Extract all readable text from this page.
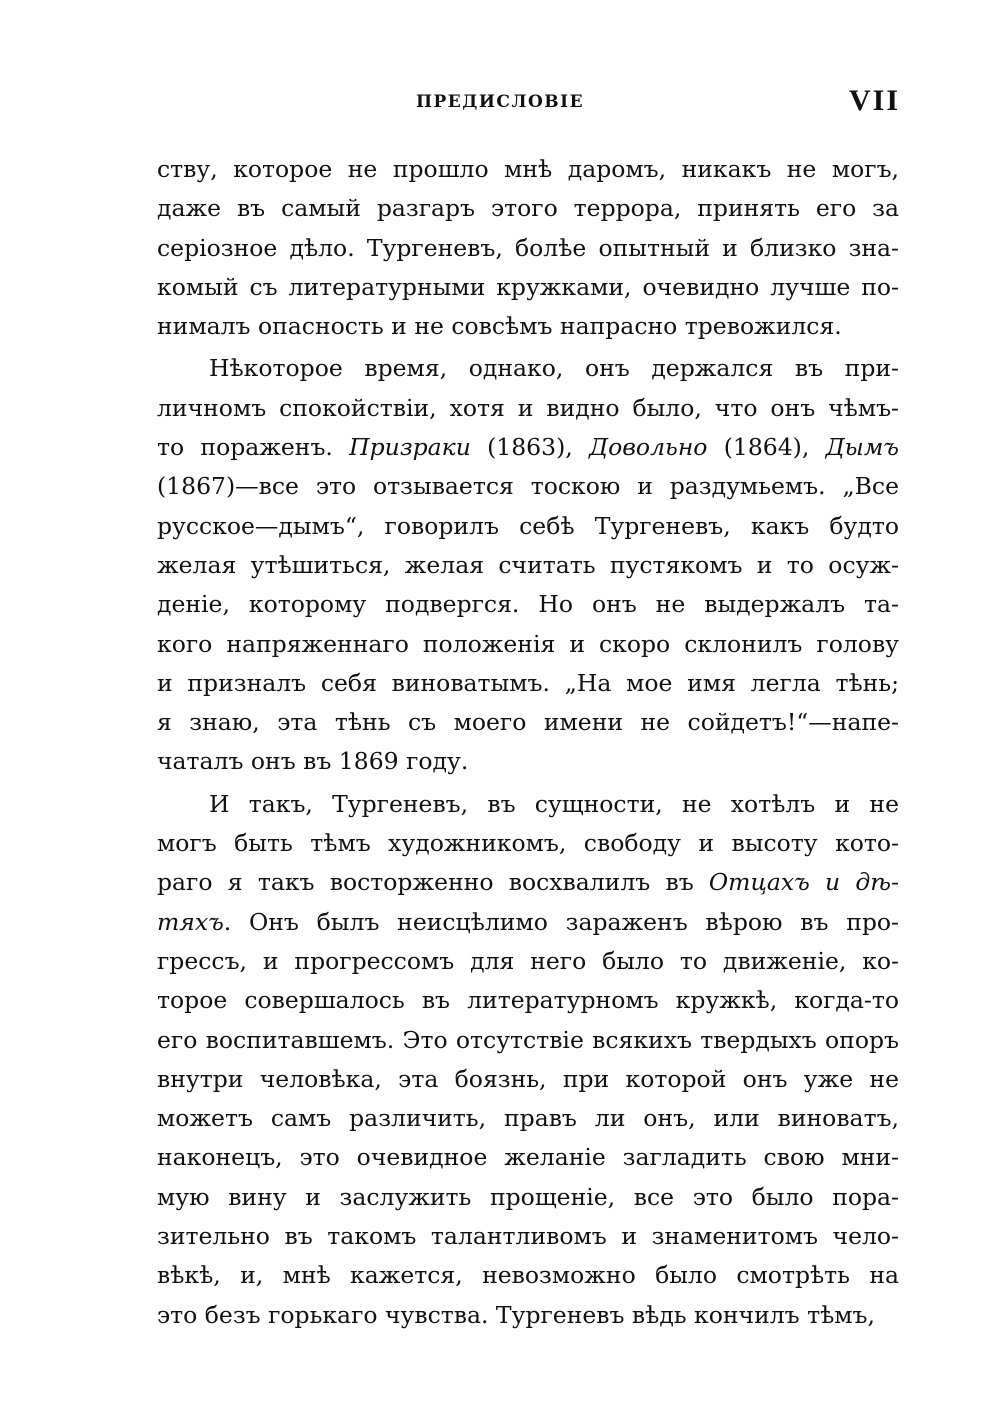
ПРЕДИСЛОВІЕ	VII
ству, которое не прошло мнѣ даромъ, никакъ не могъ,
даже въ самый разгаръ этого террора, принять его за
серіозное дѣло. Тургеневъ, болѣе опытный и близко зна-
комый съ литературными кружками, очевидно лучше по-
нималъ опасность и не совсѣмъ напрасно тревожился.
Нѣкоторое время, однако, онъ держался въ при-
личномъ спокойствіи, хотя и видно было, что онъ чѣмъ-
то пораженъ. Призраки (1863), Довольно (1864), Дымъ
(1867)—все это отзывается тоскою и раздумьемъ. „Все
русское—дымъ“, говорилъ себѣ Тургеневъ, какъ будто
желая утѣшиться, желая считать пустякомъ и то осуж-
деніе, которому подвергся. Но онъ не выдержалъ та-
кого напряженнаго положенія и скоро склонилъ голову
и призналъ себя виноватымъ. „На мое имя легла тѣнь;
я знаю, эта тѣнь съ моего имени не сойдетъ!“—напе-
чаталъ онъ въ 1869 году.
И такъ, Тургеневъ, въ сущности, не хотѣлъ и не
могъ быть тѣмъ художникомъ, свободу и высоту кото-
раго я такъ восторженно восхвалилъ въ Отцахъ и дѣ-
тяхъ. Онъ былъ неисцѣлимо зараженъ вѣрою въ про-
грессъ, и прогрессомъ для него было то движеніе, ко-
торое совершалось въ литературномъ кружкѣ, когда-то
его воспитавшемъ. Это отсутствіе всякихъ твердыхъ опоръ
внутри человѣка, эта боязнь, при которой онъ уже не
можетъ самъ различить, правъ ли онъ, или виноватъ,
наконецъ, это очевидное желаніе загладить свою мни-
мую вину и заслужить прощеніе, все это было пора-
зительно въ такомъ талантливомъ и знаменитомъ чело-
вѣкѣ, и, мнѣ кажется, невозможно было смотрѣть на
это безъ горькаго чувства. Тургеневъ вѣдь кончилъ тѣмъ,
